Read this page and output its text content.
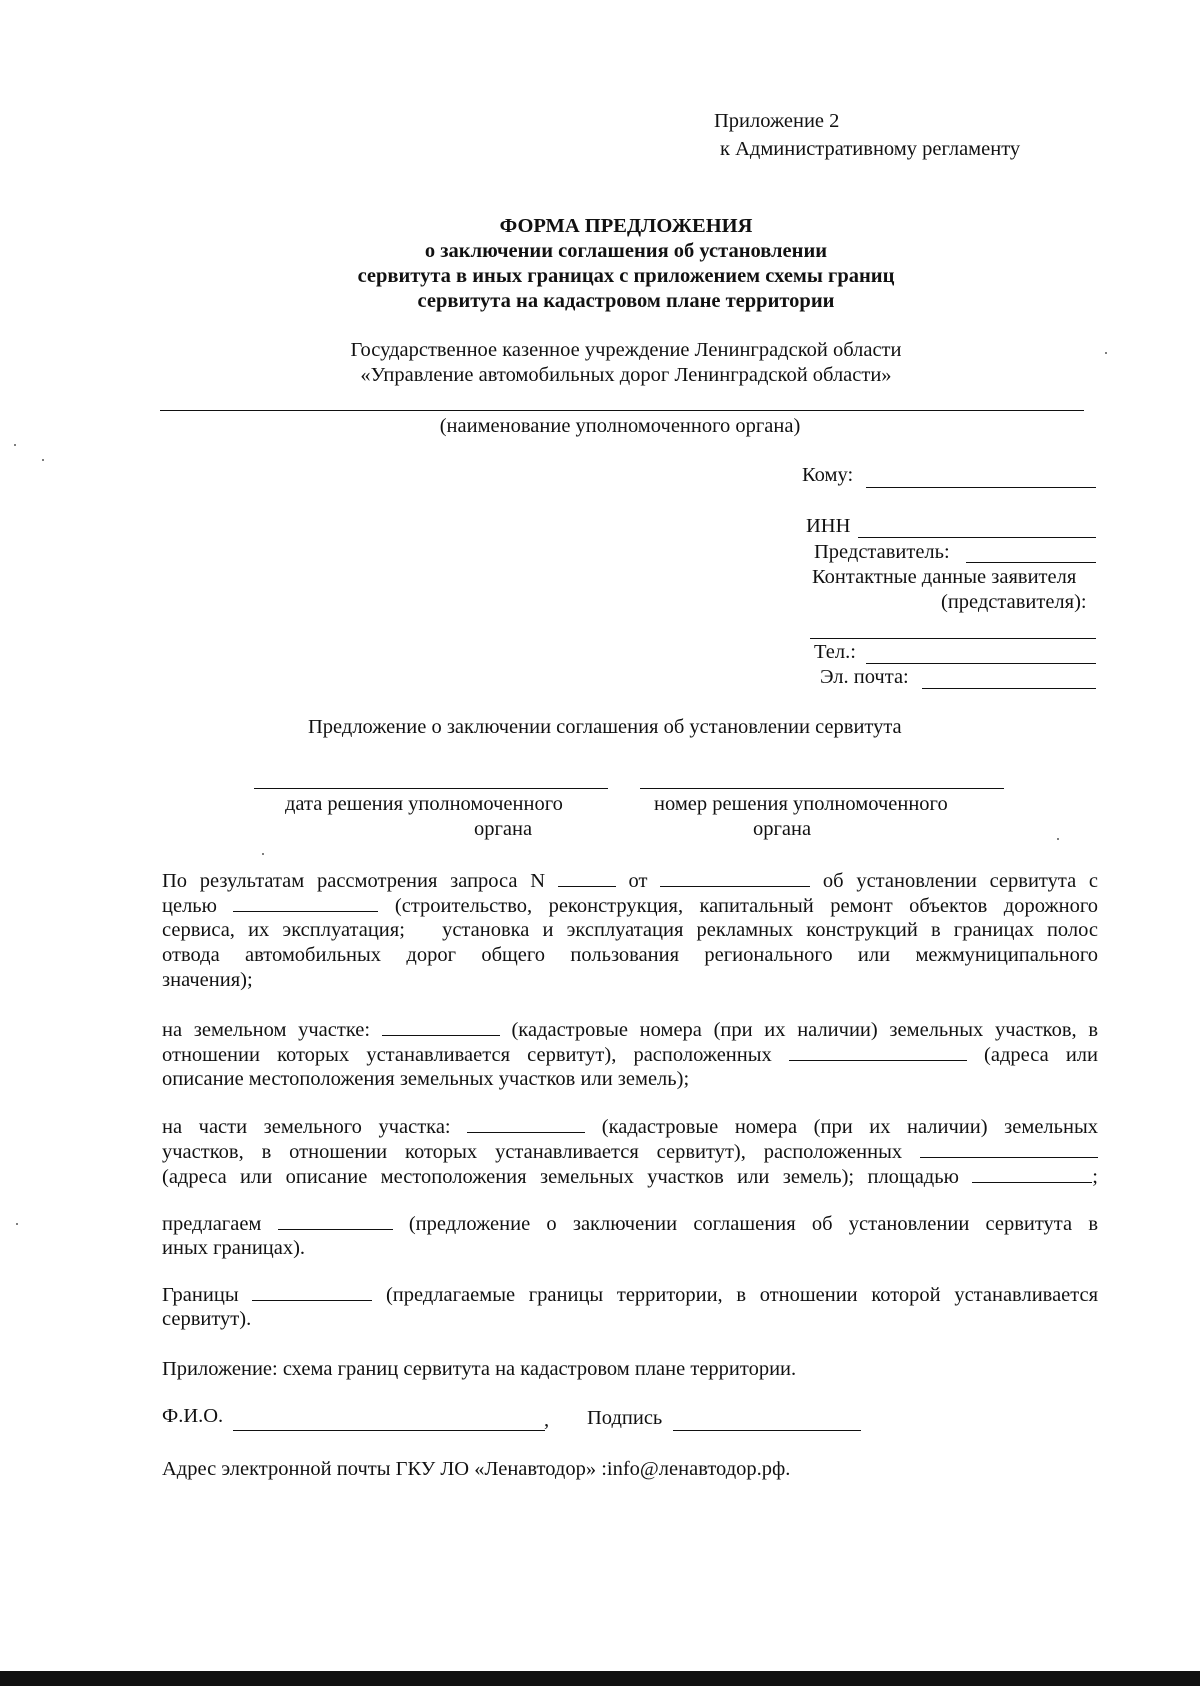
Приложение 2
к Административному регламенту
ФОРМА ПРЕДЛОЖЕНИЯ
о заключении соглашения об установлении
сервитута в иных границах с приложением схемы границ
сервитута на кадастровом плане территории
Государственное казенное учреждение Ленинградской области
«Управление автомобильных дорог Ленинградской области»
(наименование уполномоченного органа)
Кому:
ИНН
Представитель:
Контактные данные заявителя
(представителя):
Тел.:
Эл. почта:
Предложение о заключении соглашения об установлении сервитута
дата решения уполномоченного
органа
номер решения уполномоченного
органа
По результатам рассмотрения запроса N	от	об установлении сервитута с
целью	(строительство, реконструкция, капитальный ремонт объектов дорожного
сервиса, их эксплуатация; установка и эксплуатация рекламных конструкций в границах полос
отвода автомобильных дорог общего пользования регионального или межмуниципального
значения);
на земельном участке:	(кадастровые номера (при их наличии) земельных участков, в
отношении которых устанавливается сервитут), расположенных	(адреса или
описание местоположения земельных участков или земель);
на части земельного участка:	(кадастровые номера (при их наличии) земельных
участков, в отношении которых устанавливается сервитут), расположенных
(адреса или описание местоположения земельных участков или земель); площадью	;
предлагаем	(предложение о заключении соглашения об установлении сервитута в
иных границах).
Границы	(предлагаемые границы территории, в отношении которой устанавливается
сервитут).
Приложение: схема границ сервитута на кадастровом плане территории.
Ф.И.О.	, Подпись
Адрес электронной почты ГКУ ЛО «Ленавтодор» :info@ленавтодор.рф.
